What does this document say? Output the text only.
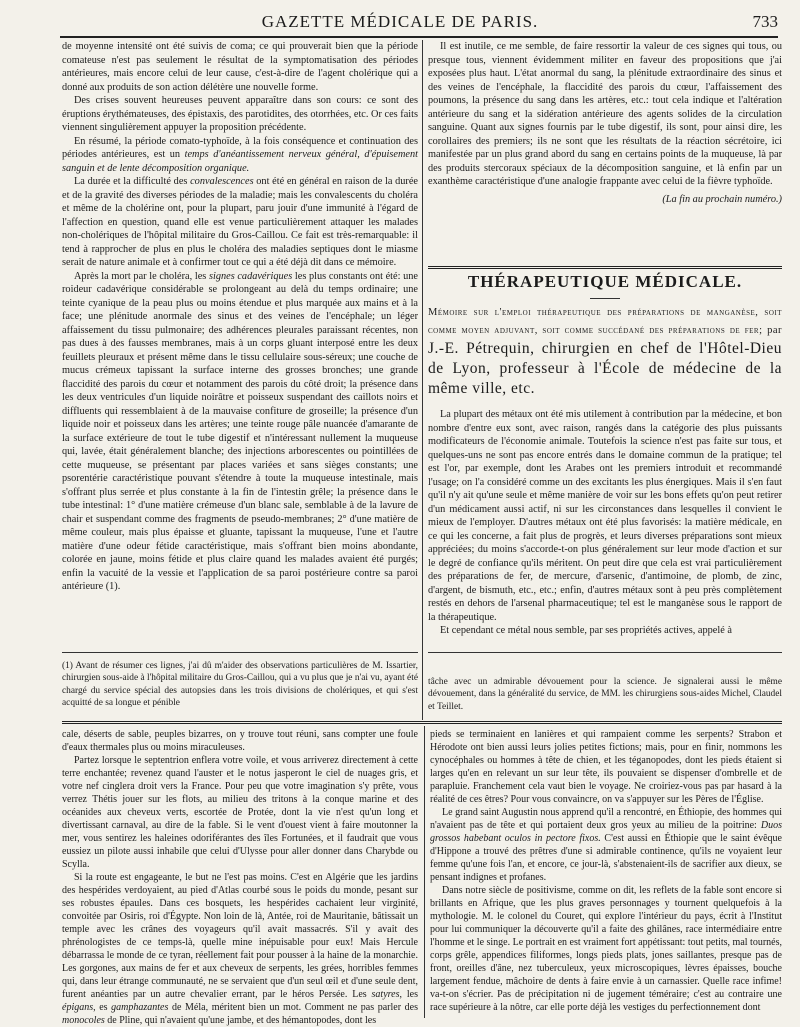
GAZETTE MÉDICALE DE PARIS.	733

de moyenne intensité ont été suivis de coma; ce qui prouverait bien que la période comateuse n'est pas seulement le résultat de la symptomatisation des périodes antérieures, mais encore celui de leur cause, c'est-à-dire de l'agent cholérique qui a donné aux produits de son action délétère une nouvelle forme.

Des crises souvent heureuses peuvent apparaître dans son cours: ce sont des éruptions érythémateuses, des épistaxis, des parotidites, des otorrhées, etc. Or ces faits viennent singulièrement appuyer la proposition précédente.

En résumé, la période comato-typhoïde, à la fois conséquence et continuation des périodes antérieures, est un temps d'anéantissement nerveux général, d'épuisement sanguin et de lente décomposition organique.

La durée et la difficulté des convalescences ont été en général en raison de la durée et de la gravité des diverses périodes de la maladie; mais les convalescents du choléra et même de la cholérine ont, pour la plupart, paru jouir d'une immunité à l'égard de l'affection en question, quand elle est venue particulièrement attaquer les malades non-cholériques de l'hôpital militaire du Gros-Caillou. Ce fait est très-remarquable: il tend à rapprocher de plus en plus le choléra des maladies septiques dont le miasme serait de nature animale et à confirmer tout ce qui a été déjà dit dans ce mémoire.

Après la mort par le choléra, les signes cadavériques les plus constants ont été: une roideur cadavérique considérable se prolongeant au delà du temps ordinaire; une teinte cyanique de la peau plus ou moins étendue et plus marquée aux mains et à la face; une plénitude anormale des sinus et des veines de l'encéphale; un léger affaissement du tissu pulmonaire; des adhérences pleurales paraissant récentes, non pas dues à des fausses membranes, mais à un corps gluant interposé entre les deux feuillets pleuraux et présent même dans le tissu cellulaire sous-séreux; une couche de mucus crémeux tapissant la surface interne des grosses bronches; une grande flaccidité des parois du cœur et notamment des parois du côté droit; la présence dans les deux ventricules d'un liquide noirâtre et poisseux suspendant des caillots noirs et diffluents qui ressemblaient à de la mauvaise confiture de groseille; la présence d'un liquide noir et poisseux dans les artères; une teinte rouge pâle nuancée d'amarante de la surface extérieure de tout le tube digestif et n'intéressant nullement la muqueuse qui, lavée, était généralement blanche; des injections arborescentes ou pointillées de cette muqueuse, se présentant par places variées et sans sièges constants; une psorentérie caractéristique pouvant s'étendre à toute la muqueuse intestinale, mais s'offrant plus serrée et plus constante à la fin de l'intestin grêle; la présence dans le tube intestinal: 1° d'une matière crémeuse d'un blanc sale, semblable à de la lavure de chair et suspendant comme des fragments de pseudo-membranes; 2° d'une matière de même couleur, mais plus épaisse et gluante, tapissant la muqueuse, l'une et l'autre matière d'une odeur fétide caractéristique, mais s'offrant bien moins abondante, colorée en jaune, moins fétide et plus claire quand les malades avaient été purgés; enfin la vacuité de la vessie et l'application de sa paroi postérieure contre sa paroi antérieure (1).

Il est inutile, ce me semble, de faire ressortir la valeur de ces signes qui tous, ou presque tous, viennent évidemment militer en faveur des propositions que j'ai exposées plus haut. L'état anormal du sang, la plénitude extraordinaire des sinus et des veines de l'encéphale, la flaccidité des parois du cœur, l'affaissement des poumons, la présence du sang dans les artères, etc.: tout cela indique et l'altération antérieure du sang et la sidération antérieure des agents solides de la circulation sanguine. Quant aux signes fournis par le tube digestif, ils sont, pour ainsi dire, les corollaires des premiers; ils ne sont que les résultats de la réaction sécrétoire, ici manifestée par un plus grand abord du sang en certains points de la muqueuse, là par des produits stercoraux spéciaux de la décomposition sanguine, et là enfin par un exanthème caractéristique d'une analogie frappante avec celui de la fièvre typhoïde.

(La fin au prochain numéro.)

THÉRAPEUTIQUE MÉDICALE.
Mémoire sur l'emploi thérapeutique des préparations de manganèse, soit comme moyen adjuvant, soit comme succédané des préparations de fer; par J.-E. Pétrequin, chirurgien en chef de l'Hôtel-Dieu de Lyon, professeur à l'École de médecine de la même ville, etc.

La plupart des métaux ont été mis utilement à contribution par la médecine, et bon nombre d'entre eux sont, avec raison, rangés dans la catégorie des plus puissants modificateurs de l'économie animale. Toutefois la science n'est pas faite sur tous, et quelques-uns ne sont pas encore entrés dans le domaine commun de la pratique; tel est l'or, par exemple, dont les Arabes ont les premiers introduit et recommandé l'usage; on l'a considéré comme un des excitants les plus énergiques. Mais il s'en faut qu'il n'y ait qu'une seule et même manière de voir sur les bons effets qu'on peut retirer d'un médicament aussi actif, ni sur les circonstances dans lesquelles il convient le mieux de l'employer. D'autres métaux ont été plus favorisés: la matière médicale, en ce qui les concerne, a fait plus de progrès, et leurs diverses préparations sont mieux appréciées; du moins s'accorde-t-on plus généralement sur leur mode d'action et sur le degré de confiance qu'ils méritent. On peut dire que cela est vrai particulièrement des préparations de fer, de mercure, d'arsenic, d'antimoine, de plomb, de zinc, d'argent, de bismuth, etc., etc.; enfin, d'autres métaux sont à peu près complètement restés en dehors de l'arsenal pharmaceutique; tel est le manganèse sous le rapport de la thérapeutique.

Et cependant ce métal nous semble, par ses propriétés actives, appelé à

(1) Avant de résumer ces lignes, j'ai dû m'aider des observations particulières de M. Issartier, chirurgien sous-aide à l'hôpital militaire du Gros-Caillou, qui a vu plus que je n'ai vu, ayant été chargé du service spécial des autopsies dans les trois divisions de cholériques, et qui s'est acquitté de sa longue et pénible
tâche avec un admirable dévouement pour la science. Je signalerai aussi le même dévouement, dans la généralité du service, de MM. les chirurgiens sous-aides Michel, Claudel et Teillet.

cale, déserts de sable, peuples bizarres, on y trouve tout réuni, sans compter une foule d'eaux thermales plus ou moins miraculeuses.

Partez lorsque le septentrion enflera votre voile, et vous arriverez directement à cette terre enchantée; revenez quand l'auster et le notus jasperont le ciel de nuages gris, et votre nef cinglera droit vers la France. Pour peu que votre imagination s'y prête, vous verrez Thétis jouer sur les flots, au milieu des tritons à la conque marine et des océanides aux cheveux verts, escortée de Protée, dont la vie n'est qu'un long et divertissant carnaval, au dire de la fable. Si le vent d'ouest vient à faire moutonner la mer, vous sentirez les haleines odoriférantes des îles Fortunées, et il faudrait que vous eussiez un pilote aussi inhabile que celui d'Ulysse pour aller donner dans Charybde ou Scylla.

Si la route est engageante, le but ne l'est pas moins. C'est en Algérie que les jardins des hespérides verdoyaient, au pied d'Atlas courbé sous le poids du monde, pesant sur ses robustes épaules. Dans ces bosquets, les hespérides cachaient leur virginité, convoitée par Osiris, roi d'Égypte. Non loin de là, Antée, roi de Mauritanie, bâtissait un temple avec les crânes des voyageurs qu'il avait massacrés. S'il y avait des phrénologistes de ce temps-là, quelle mine inépuisable pour eux! Mais Hercule débarrassa le monde de ce tyran, réellement fait pour pousser à la haine de la monarchie. Les gorgones, aux mains de fer et aux cheveux de serpents, les grées, horribles femmes qui, dans leur étrange communauté, ne se servaient que d'un seul œil et d'une seule dent, furent anéanties par un autre chevalier errant, par le héros Persée. Les satyres, les épigans, es gamphazantes de Méla, méritent bien un mot. Comment ne pas parler des monocoles de Pline, qui n'avaient qu'une jambe, et des hémantopodes, dont les

pieds se terminaient en lanières et qui rampaient comme les serpents? Strabon et Hérodote ont bien aussi leurs jolies petites fictions; mais, pour en finir, nommons les cynocéphales ou hommes à tête de chien, et les téganopodes, dont les pieds étaient si larges qu'en en relevant un sur leur tête, ils pouvaient se dispenser d'ombrelle et de parapluie. Franchement cela vaut bien le voyage. Ne croiriez-vous pas par hasard à la réalité de ces êtres? Pour vous convaincre, on va s'appuyer sur les Pères de l'Église.

Le grand saint Augustin nous apprend qu'il a rencontré, en Éthiopie, des hommes qui n'avaient pas de tête et qui portaient deux gros yeux au milieu de la poitrine: Duos grossos habebant oculos in pectore fixos. C'est aussi en Éthiopie que le saint évêque d'Hippone a trouvé des prêtres d'une si admirable continence, qu'ils ne voyaient leur femme qu'une fois l'an, et encore, ce jour-là, s'abstenaient-ils de sacrifier aux dieux, se pensant indignes et profanes.

Dans notre siècle de positivisme, comme on dit, les reflets de la fable sont encore si brillants en Afrique, que les plus graves personnages y tournent quelquefois à la mythologie. M. le colonel du Couret, qui explore l'intérieur du pays, écrit à l'Institut pour lui communiquer la découverte qu'il a faite des ghilânes, race intermédiaire entre l'homme et le singe. Le portrait en est vraiment fort appétissant: tout petits, mal tournés, corps grêle, appendices filiformes, longs pieds plats, jones saillantes, presque pas de front, oreilles d'âne, nez tuberculeux, yeux microscopiques, lèvres épaisses, bouche largement fendue, mâchoire de dents à faire envie à un carnassier. Quelle race infime! va-t-on s'écrier. Pas de précipitation ni de jugement téméraire; c'est au contraire une race supérieure à la nôtre, car elle porte déjà les vestiges du perfectionnement dont
